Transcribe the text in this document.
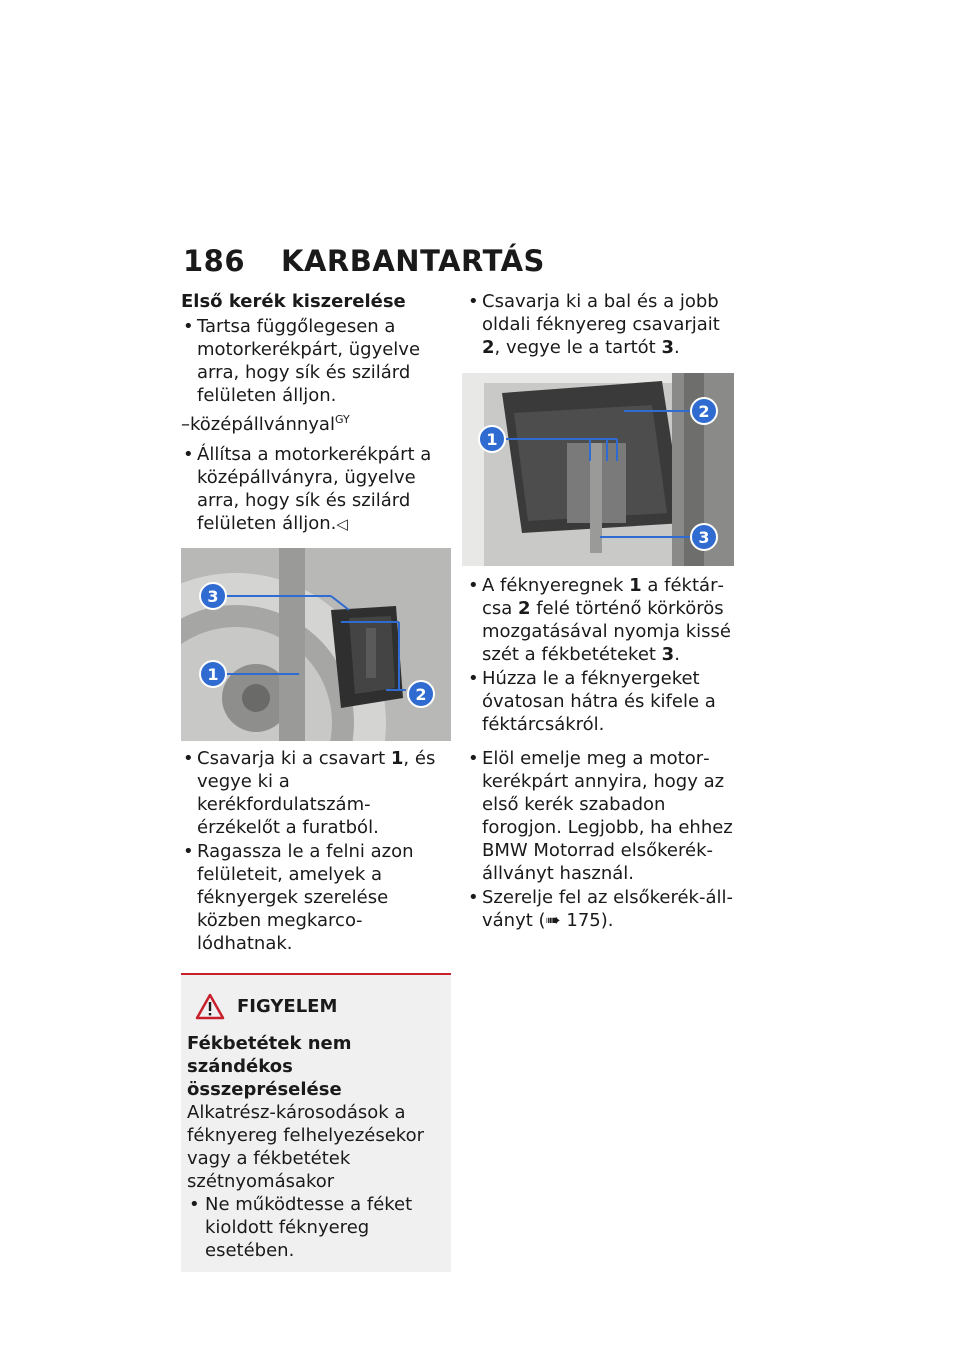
186 KARBANTARTÁS
Első kerék kiszerelése
• Tartsa függőlegesen a motorkerékpárt, ügyelve arra, hogy sík és szilárd felületen álljon.
–középállvánnyal$^{GY}$
• Állítsa a motorkerékpárt a középállványra, ügyelve arra, hogy sík és szilárd felületen álljon.◁
3
1
2
• Csavarja ki a csavart 1, és vegye ki a kerékfordulatszám-érzékelőt a furatból.
• Ragassza le a felni azon felületeit, amelyek a féknyergek szerelése közben megkarcolódhatnak.
FIGYELEM
Fékbetétek nem szándékos összepréselése
Alkatrész-károsodások a féknyereg felhelyezésekor vagy a fékbetétek szétnyomásakor
• Ne működtesse a féket kioldott féknyereg esetében.
• Csavarja ki a bal és a jobb oldali féknyereg csavarjait 2, vegye le a tartót 3.
2
1
3
• A féknyeregnek 1 a féktárcsa 2 felé történő körkörös mozgatásával nyomja kissé szét a fékbetéteket 3.
• Húzza le a féknyergeket óvatosan hátra és kifele a féktárcsákról.
• Elöl emelje meg a motorkerékpárt annyira, hogy az első kerék szabadon forogjon. Legjobb, ha ehhez BMW Motorrad elsőkerék-állványt használ.
• Szerelje fel az elsőkerék-állványt (➠ 175).
